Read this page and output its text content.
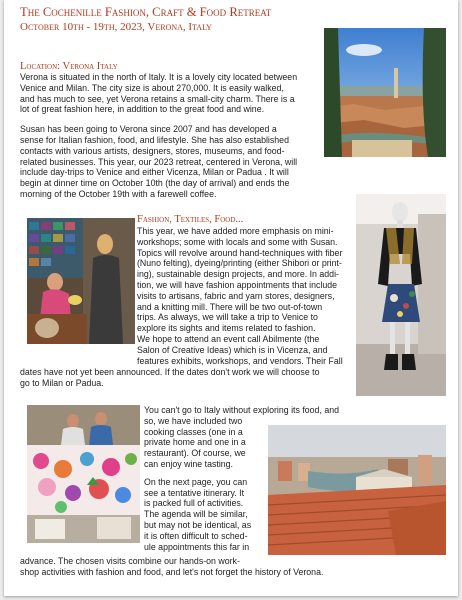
The Cochenille Fashion, Craft & Food Retreat
October 10th - 19th, 2023, Verona, Italy
Location: Verona Italy

Verona is situated in the north of Italy. It is a lovely city located between
Venice and Milan. The city size is about 270,000. It is easily walked,
and has much to see, yet Verona retains a small-city charm. There is a
lot of great fashion here, in addition to the great food and wine.

Susan has been going to Verona since 2007 and has developed a
sense for Italian fashion, food, and lifestyle. She has also established
contacts with various artists, designers, stores, museums, and food-
related businesses. This year, our 2023 retreat, centered in Verona, will
include day-trips to Venice and either Vicenza, Milan or Padua . It will
begin at dinner time on October 10th (the day of arrival) and ends the
morning of the October 19th with a farewell coffee.

Fashion, Textiles, Food...
This year, we have added more emphasis on mini-
workshops; some with locals and some with Susan.
Topics will revolve around hand-techniques with fiber
(Nuno felting), dyeing/printing (either Shibori or print-
ing), sustainable design projects, and more. In addi-
tion, we will have fashion appointments that include
visits to artisans, fabric and yarn stores, designers,
and a knitting mill. There will be two out-of-town
trips. As always, we will take a trip to Venice to
explore its sights and items related to fashion.
We hope to attend an event call Abilmente (the
Salon of Creative Ideas) which is in Vicenza, and
features exhibits, workshops, and vendors. Their Fall
dates have not yet been announced. If the dates don't work we will choose to
go to Milan or Padua.

You can't go to Italy without exploring its food, and
so, we have included two
cooking classes (one in a
private home and one in a
restaurant). Of course, we
can enjoy wine tasting.

On the next page, you can
see a tentative itinerary. It
is packed full of activities.
The agenda will be similar,
but may not be identical, as
it is often difficult to sched-
ule appointments this far in

advance. The chosen visits combine our hands-on work-
shop activities with fashion and food, and let's not forget the history of Verona.
